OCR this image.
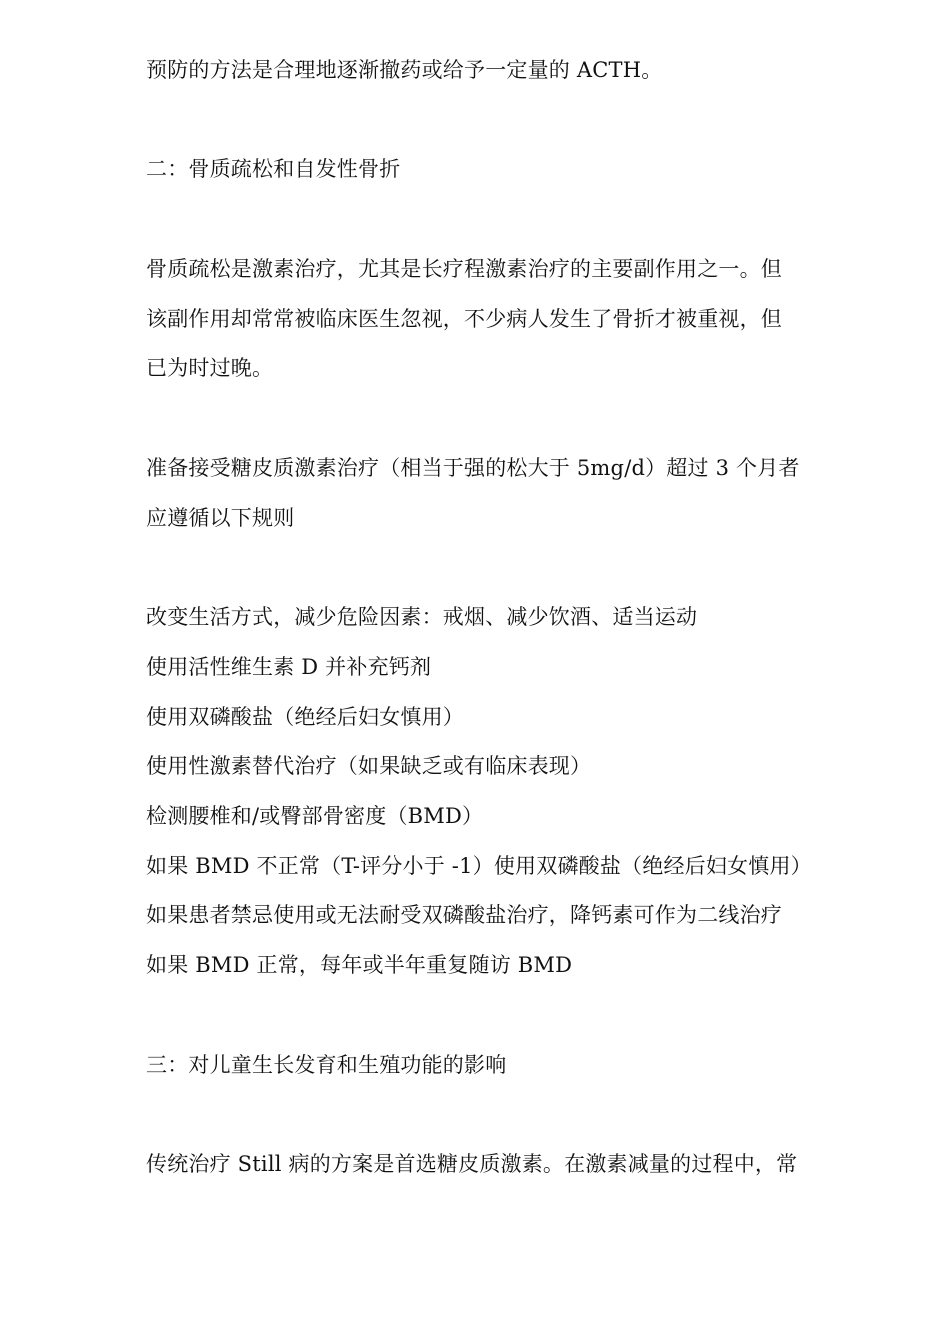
预防的方法是合理地逐渐撤药或给予一定量的 ACTH。
二：骨质疏松和自发性骨折
骨质疏松是激素治疗，尤其是长疗程激素治疗的主要副作用之一。但
该副作用却常常被临床医生忽视，不少病人发生了骨折才被重视，但
已为时过晚。
准备接受糖皮质激素治疗（相当于强的松大于 5mg/d）超过 3 个月者
应遵循以下规则
改变生活方式，减少危险因素：戒烟、减少饮酒、适当运动
使用活性维生素 D 并补充钙剂
使用双磷酸盐（绝经后妇女慎用）
使用性激素替代治疗（如果缺乏或有临床表现）
检测腰椎和/或臀部骨密度（BMD）
如果 BMD 不正常（T-评分小于 -1）使用双磷酸盐（绝经后妇女慎用）
如果患者禁忌使用或无法耐受双磷酸盐治疗，降钙素可作为二线治疗
如果 BMD 正常，每年或半年重复随访 BMD
三：对儿童生长发育和生殖功能的影响
传统治疗 Still 病的方案是首选糖皮质激素。在激素减量的过程中，常
